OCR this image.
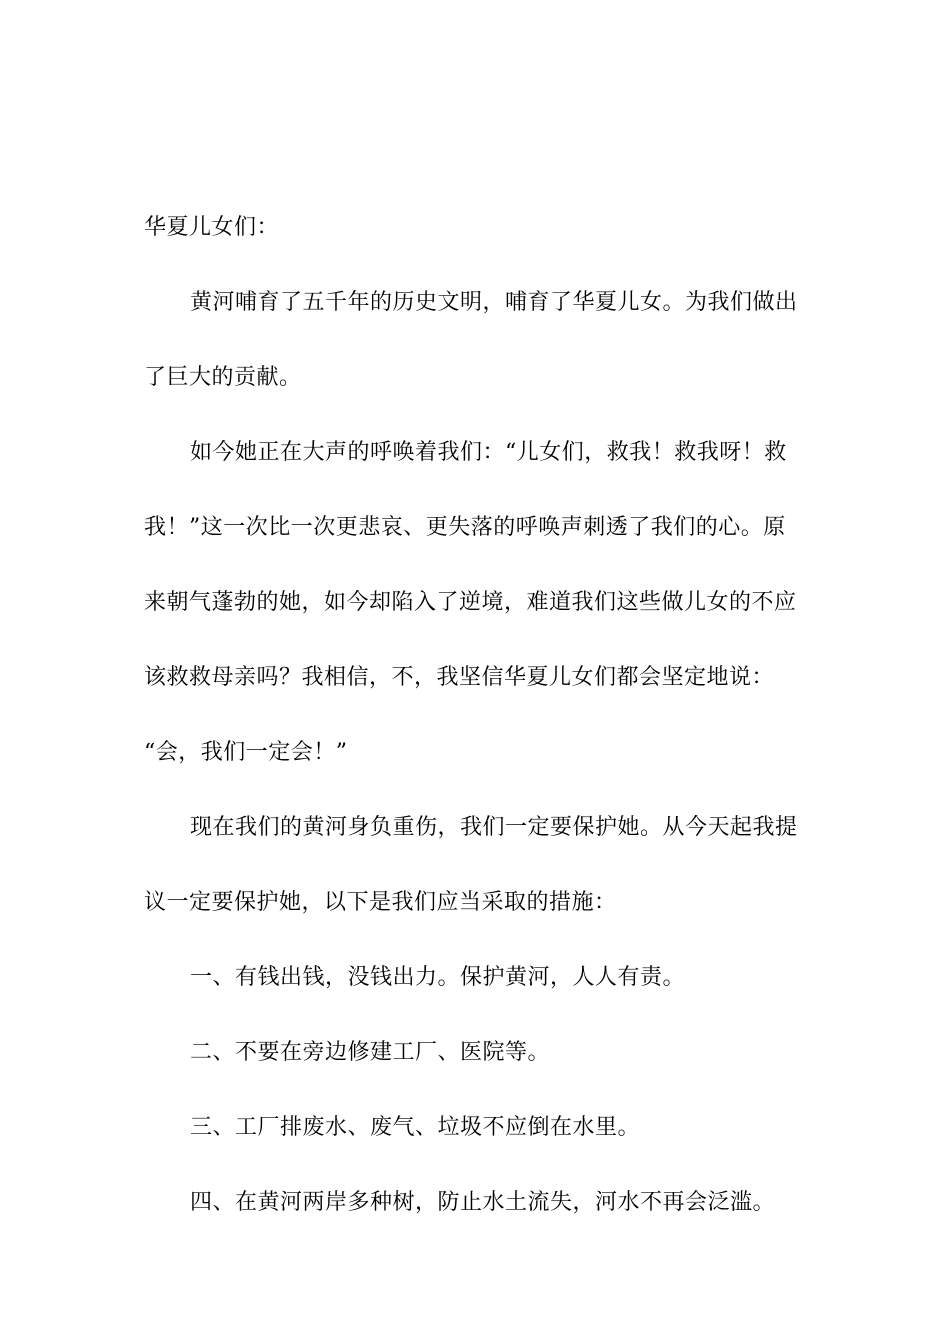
华夏儿女们：
黄河哺育了五千年的历史文明，哺育了华夏儿女。为我们做出
了巨大的贡献。
如今她正在大声的呼唤着我们：“儿女们，救我！救我呀！救
我！”这一次比一次更悲哀、更失落的呼唤声刺透了我们的心。原
来朝气蓬勃的她，如今却陷入了逆境，难道我们这些做儿女的不应
该救救母亲吗？我相信，不，我坚信华夏儿女们都会坚定地说：
“会，我们一定会！”
现在我们的黄河身负重伤，我们一定要保护她。从今天起我提
议一定要保护她，以下是我们应当采取的措施：
一、有钱出钱，没钱出力。保护黄河，人人有责。
二、不要在旁边修建工厂、医院等。
三、工厂排废水、废气、垃圾不应倒在水里。
四、在黄河两岸多种树，防止水土流失，河水不再会泛滥。
